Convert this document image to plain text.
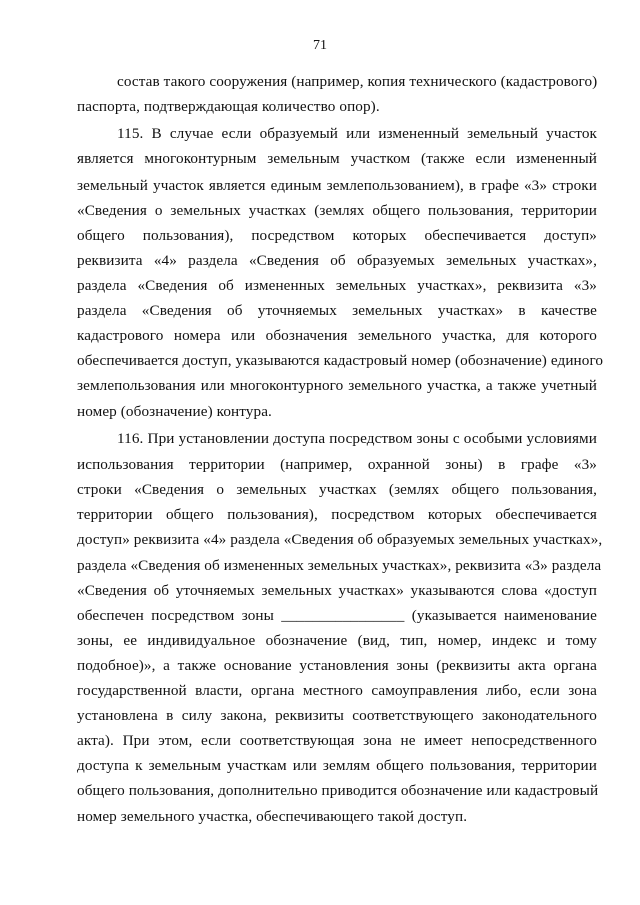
71
состав такого сооружения (например, копия технического (кадастрового)
паспорта, подтверждающая количество опор).
115. В случае если образуемый или измененный земельный участок
является многоконтурным земельным участком (также если измененный
земельный участок является единым землепользованием), в графе «3» строки
«Сведения о земельных участках (землях общего пользования, территории
общего пользования), посредством которых обеспечивается доступ»
реквизита «4» раздела «Сведения об образуемых земельных участках»,
раздела «Сведения об измененных земельных участках», реквизита «3»
раздела «Сведения об уточняемых земельных участках» в качестве
кадастрового номера или обозначения земельного участка, для которого
обеспечивается доступ, указываются кадастровый номер (обозначение) единого
землепользования или многоконтурного земельного участка, а также учетный
номер (обозначение) контура.
116. При установлении доступа посредством зоны с особыми условиями
использования территории (например, охранной зоны) в графе «3»
строки «Сведения о земельных участках (землях общего пользования,
территории общего пользования), посредством которых обеспечивается
доступ» реквизита «4» раздела «Сведения об образуемых земельных участках»,
раздела «Сведения об измененных земельных участках», реквизита «3» раздела
«Сведения об уточняемых земельных участках» указываются слова «доступ
обеспечен посредством зоны ________________ (указывается наименование
зоны, ее индивидуальное обозначение (вид, тип, номер, индекс и тому
подобное)», а также основание установления зоны (реквизиты акта органа
государственной власти, органа местного самоуправления либо, если зона
установлена в силу закона, реквизиты соответствующего законодательного
акта). При этом, если соответствующая зона не имеет непосредственного
доступа к земельным участкам или землям общего пользования, территории
общего пользования, дополнительно приводится обозначение или кадастровый
номер земельного участка, обеспечивающего такой доступ.
